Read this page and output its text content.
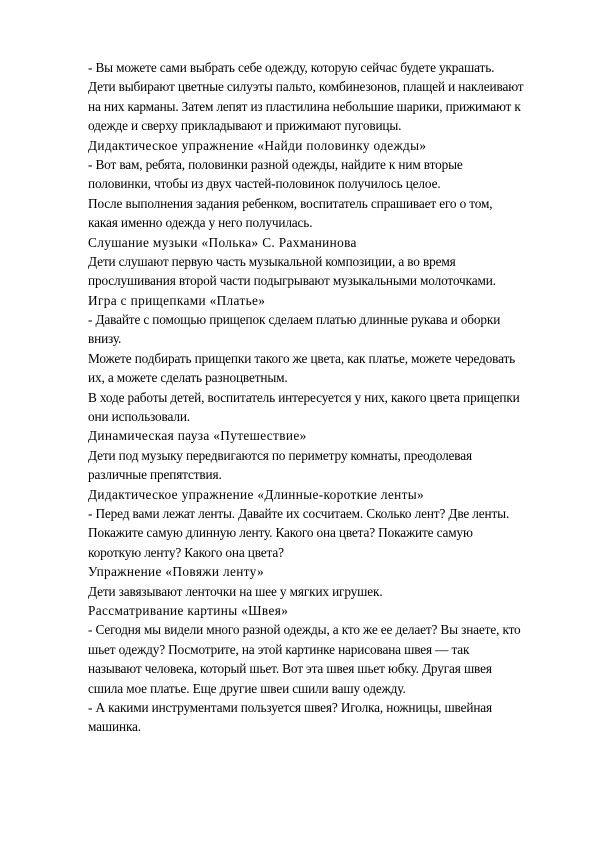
- Вы можете сами выбрать себе одежду, которую сейчас будете украшать.
Дети выбирают цветные силуэты пальто, комбинезонов, плащей и наклеивают
на них карманы. Затем лепят из пластилина небольшие шарики, прижимают к
одежде и сверху прикладывают и прижимают пуговицы.
Дидактическое упражнение «Найди половинку одежды»
- Вот вам, ребята, половинки разной одежды, найдите к ним вторые
половинки, чтобы из двух частей-половинок получилось целое.
После выполнения задания ребенком, воспитатель спрашивает его о том,
какая именно одежда у него получилась.
Слушание музыки «Полька» С. Рахманинова
Дети слушают первую часть музыкальной композиции, а во время
прослушивания второй части подыгрывают музыкальными молоточками.
Игра с прищепками «Платье»
- Давайте с помощью прищепок сделаем платью длинные рукава и оборки
внизу.
Можете подбирать прищепки такого же цвета, как платье, можете чередовать
их, а можете сделать разноцветным.
В ходе работы детей, воспитатель интересуется у них, какого цвета прищепки
они использовали.
Динамическая пауза «Путешествие»
Дети под музыку передвигаются по периметру комнаты, преодолевая
различные препятствия.
Дидактическое упражнение «Длинные-короткие ленты»
- Перед вами лежат ленты. Давайте их сосчитаем. Сколько лент? Две ленты.
Покажите самую длинную ленту. Какого она цвета? Покажите самую
короткую ленту? Какого она цвета?
Упражнение «Повяжи ленту»
Дети завязывают ленточки на шее у мягких игрушек.
Рассматривание картины «Швея»
- Сегодня мы видели много разной одежды, а кто же ее делает? Вы знаете, кто
шьет одежду? Посмотрите, на этой картинке нарисована швея — так
называют человека, который шьет. Вот эта швея шьет юбку. Другая швея
сшила мое платье. Еще другие швеи сшили вашу одежду.
- А какими инструментами пользуется швея? Иголка, ножницы, швейная
машинка.
